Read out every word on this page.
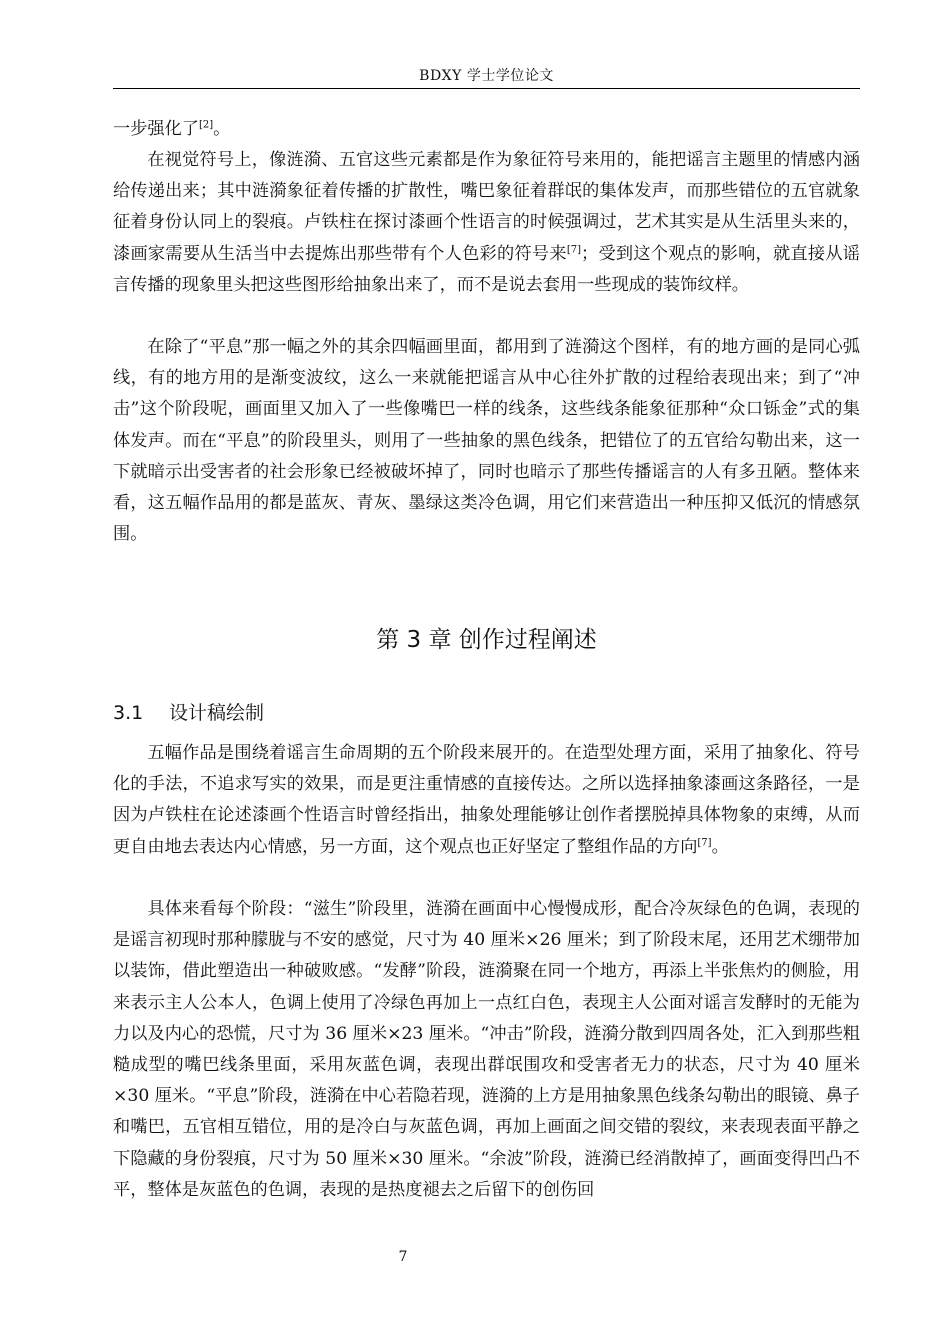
BDXY 学士学位论文

一步强化了[2]。

在视觉符号上，像涟漪、五官这些元素都是作为象征符号来用的，能把谣言主题里的情感内涵给传递出来；其中涟漪象征着传播的扩散性，嘴巴象征着群氓的集体发声，而那些错位的五官就象征着身份认同上的裂痕。卢铁柱在探讨漆画个性语言的时候强调过，艺术其实是从生活里头来的，漆画家需要从生活当中去提炼出那些带有个人色彩的符号来[7]；受到这个观点的影响，就直接从谣言传播的现象里头把这些图形给抽象出来了，而不是说去套用一些现成的装饰纹样。

在除了“平息”那一幅之外的其余四幅画里面，都用到了涟漪这个图样，有的地方画的是同心弧线，有的地方用的是渐变波纹，这么一来就能把谣言从中心往外扩散的过程给表现出来；到了“冲击”这个阶段呢，画面里又加入了一些像嘴巴一样的线条，这些线条能象征那种“众口铄金”式的集体发声。而在“平息”的阶段里头，则用了一些抽象的黑色线条，把错位了的五官给勾勒出来，这一下就暗示出受害者的社会形象已经被破坏掉了，同时也暗示了那些传播谣言的人有多丑陋。整体来看，这五幅作品用的都是蓝灰、青灰、墨绿这类冷色调，用它们来营造出一种压抑又低沉的情感氛围。

第 3 章 创作过程阐述
3.1 设计稿绘制

五幅作品是围绕着谣言生命周期的五个阶段来展开的。在造型处理方面，采用了抽象化、符号化的手法，不追求写实的效果，而是更注重情感的直接传达。之所以选择抽象漆画这条路径，一是因为卢铁柱在论述漆画个性语言时曾经指出，抽象处理能够让创作者摆脱掉具体物象的束缚，从而更自由地去表达内心情感，另一方面，这个观点也正好坚定了整组作品的方向[7]。

具体来看每个阶段：“滋生”阶段里，涟漪在画面中心慢慢成形，配合冷灰绿色的色调，表现的是谣言初现时那种朦胧与不安的感觉，尺寸为 40 厘米×26 厘米；到了阶段末尾，还用艺术绷带加以装饰，借此塑造出一种破败感。“发酵”阶段，涟漪聚在同一个地方，再添上半张焦灼的侧脸，用来表示主人公本人，色调上使用了冷绿色再加上一点红白色，表现主人公面对谣言发酵时的无能为力以及内心的恐慌，尺寸为 36 厘米×23 厘米。“冲击”阶段，涟漪分散到四周各处，汇入到那些粗糙成型的嘴巴线条里面，采用灰蓝色调，表现出群氓围攻和受害者无力的状态，尺寸为 40 厘米×30 厘米。“平息”阶段，涟漪在中心若隐若现，涟漪的上方是用抽象黑色线条勾勒出的眼镜、鼻子和嘴巴，五官相互错位，用的是冷白与灰蓝色调，再加上画面之间交错的裂纹，来表现表面平静之下隐藏的身份裂痕，尺寸为 50 厘米×30 厘米。“余波”阶段，涟漪已经消散掉了，画面变得凹凸不平，整体是灰蓝色的色调，表现的是热度褪去之后留下的创伤回

7
